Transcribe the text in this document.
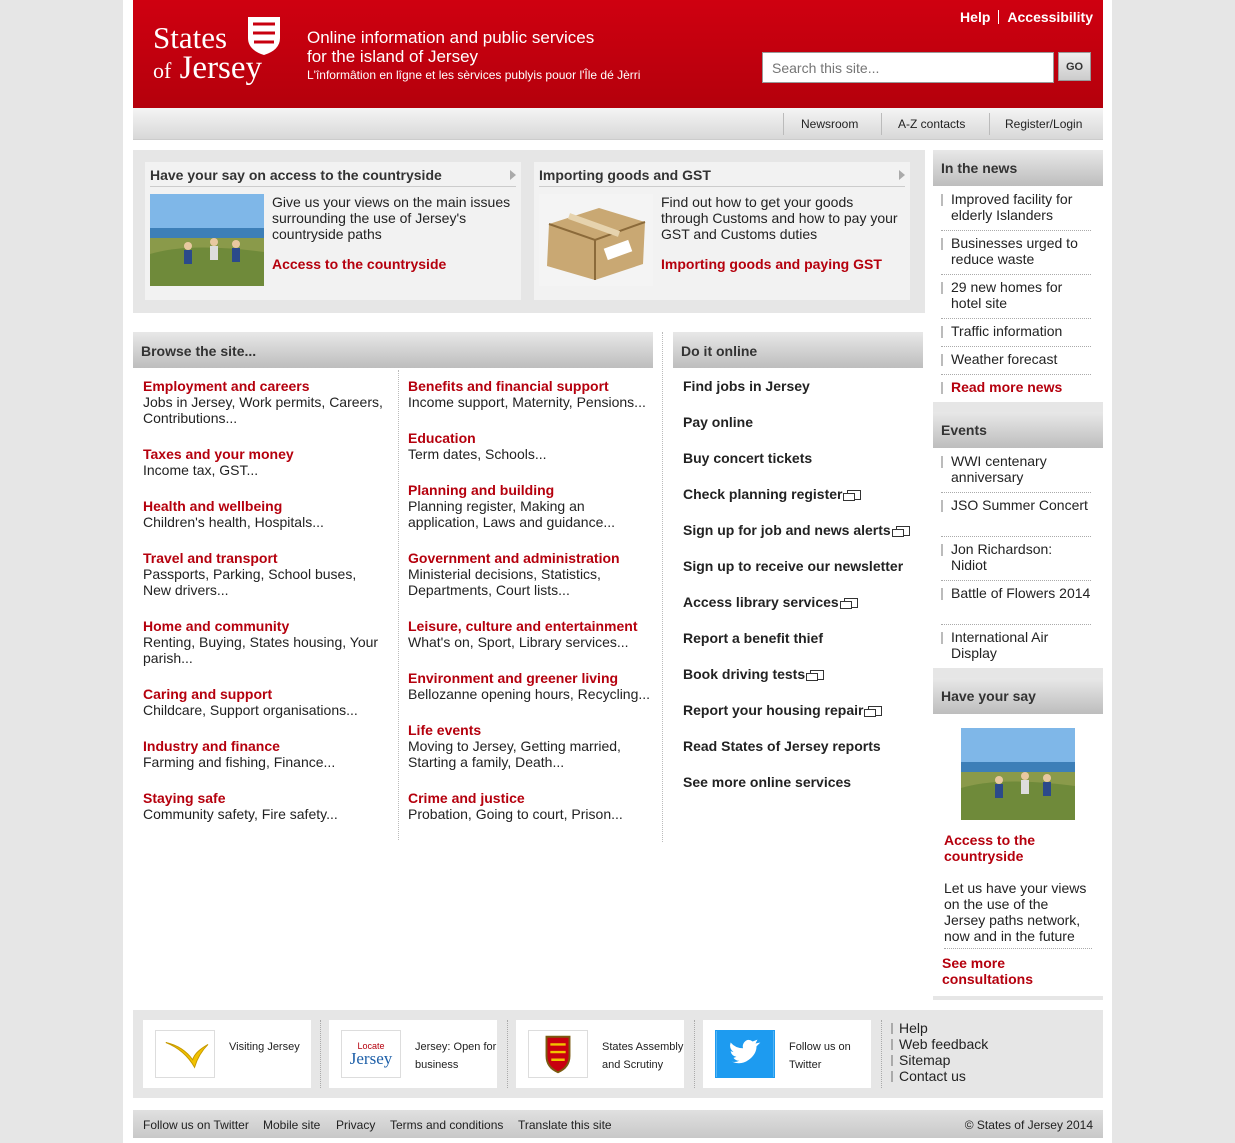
States
of Jersey
Online information and public services
for the island of Jersey
L'înformâtion en lîgne et les sèrvices publyis pouor l'Île dé Jèrri
Help Accessibility
Search this site...
GO
Newsroom	A-Z contacts	Register/Login
Have your say on access to the countryside
Give us your views on the main issues surrounding the use of Jersey's countryside paths
Access to the countryside
Importing goods and GST
Find out how to get your goods through Customs and how to pay your GST and Customs duties
Importing goods and paying GST
Browse the site...
Employment and careers
Jobs in Jersey, Work permits, Careers, Contributions...
Taxes and your money
Income tax, GST...
Health and wellbeing
Children's health, Hospitals...
Travel and transport
Passports, Parking, School buses, New drivers...
Home and community
Renting, Buying, States housing, Your parish...
Caring and support
Childcare, Support organisations...
Industry and finance
Farming and fishing, Finance...
Staying safe
Community safety, Fire safety...
Benefits and financial support
Income support, Maternity, Pensions...
Education
Term dates, Schools...
Planning and building
Planning register, Making an application, Laws and guidance...
Government and administration
Ministerial decisions, Statistics, Departments, Court lists...
Leisure, culture and entertainment
What's on, Sport, Library services...
Environment and greener living
Bellozanne opening hours, Recycling...
Life events
Moving to Jersey, Getting married, Starting a family, Death...
Crime and justice
Probation, Going to court, Prison...
Do it online
Find jobs in Jersey
Pay online
Buy concert tickets
Check planning register
Sign up for job and news alerts
Sign up to receive our newsletter
Access library services
Report a benefit thief
Book driving tests
Report your housing repair
Read States of Jersey reports
See more online services
In the news
Improved facility for elderly Islanders
Businesses urged to reduce waste
29 new homes for hotel site
Traffic information
Weather forecast
Read more news
Events
WWI centenary anniversary
JSO Summer Concert
Jon Richardson: Nidiot
Battle of Flowers 2014
International Air Display
Have your say
Access to the countryside
Let us have your views on the use of the Jersey paths network, now and in the future
See more consultations
Visiting Jersey	Locate
Jersey
Jersey: Open for business
States Assembly and Scrutiny
Follow us on Twitter
Help
Web feedback
Sitemap
Contact us
Follow us on Twitter Mobile site Privacy Terms and conditions Translate this site	© States of Jersey 2014
